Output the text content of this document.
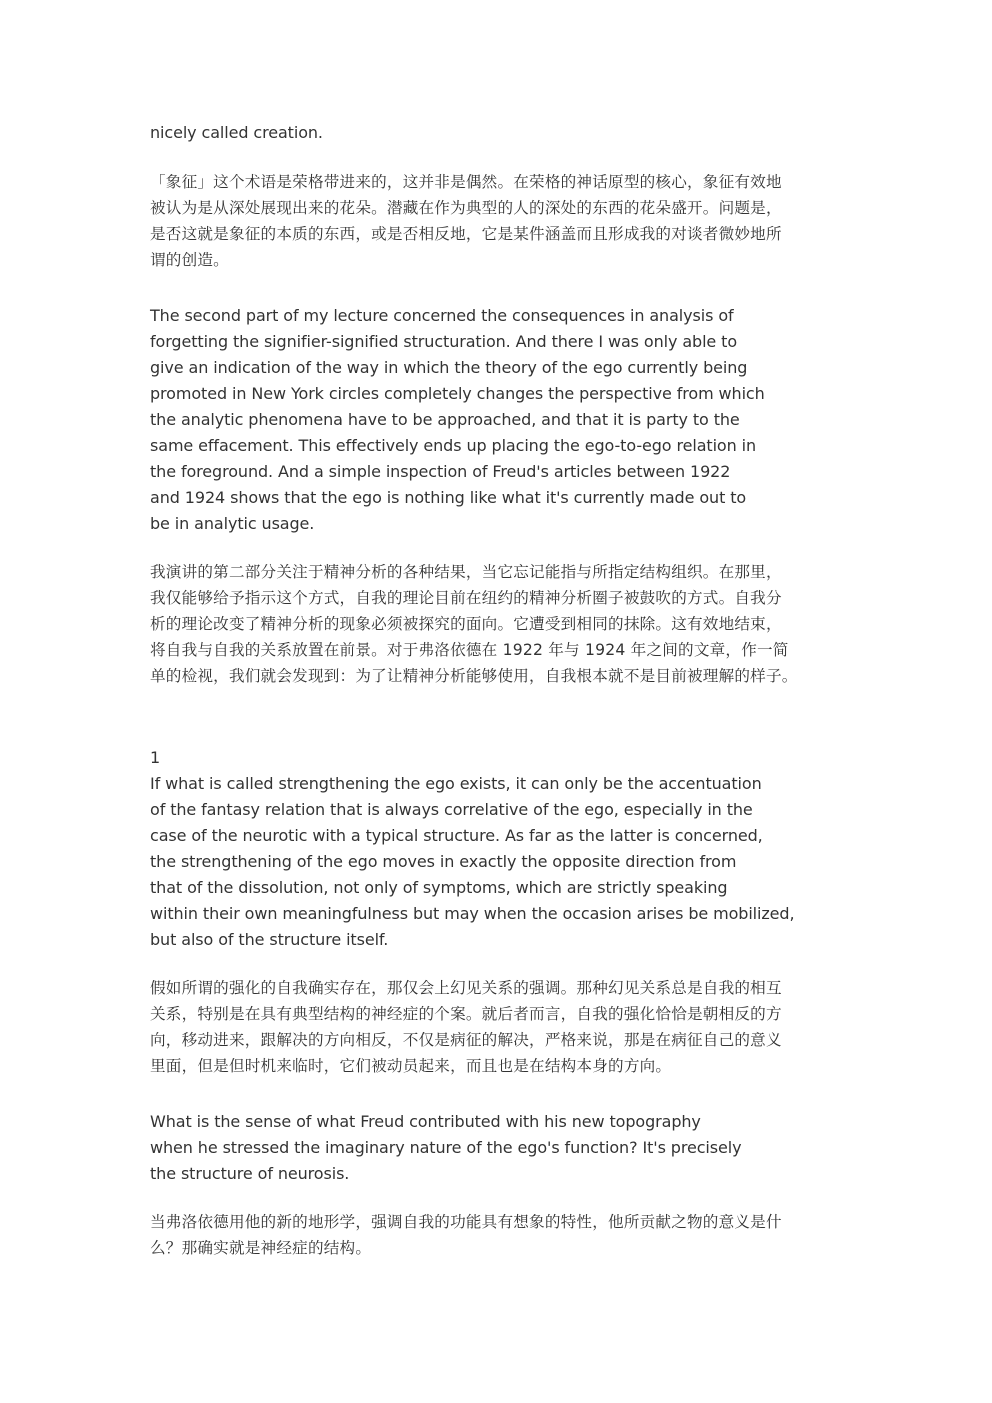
nicely called creation.

「象征」这个术语是荣格带进来的，这并非是偶然。在荣格的神话原型的核心，象征有效地
被认为是从深处展现出来的花朵。潜藏在作为典型的人的深处的东西的花朵盛开。问题是，
是否这就是象征的本质的东西，或是否相反地，它是某件涵盖而且形成我的对谈者微妙地所
谓的创造。

The second part of my lecture concerned the consequences in analysis of
forgetting the signifier-signified structuration. And there I was only able to
give an indication of the way in which the theory of the ego currently being
promoted in New York circles completely changes the perspective from which
the analytic phenomena have to be approached, and that it is party to the
same effacement. This effectively ends up placing the ego-to-ego relation in
the foreground. And a simple inspection of Freud's articles between 1922
and 1924 shows that the ego is nothing like what it's currently made out to
be in analytic usage.

我演讲的第二部分关注于精神分析的各种结果，当它忘记能指与所指定结构组织。在那里，
我仅能够给予指示这个方式，自我的理论目前在纽约的精神分析圈子被鼓吹的方式。自我分
析的理论改变了精神分析的现象必须被探究的面向。它遭受到相同的抹除。这有效地结束，
将自我与自我的关系放置在前景。对于弗洛依德在 1922 年与 1924 年之间的文章，作一简
单的检视，我们就会发现到：为了让精神分析能够使用，自我根本就不是目前被理解的样子。

1

If what is called strengthening the ego exists, it can only be the accentuation
of the fantasy relation that is always correlative of the ego, especially in the
case of the neurotic with a typical structure. As far as the latter is concerned,
the strengthening of the ego moves in exactly the opposite direction from
that of the dissolution, not only of symptoms, which are strictly speaking
within their own meaningfulness but may when the occasion arises be mobilized,
but also of the structure itself.

假如所谓的强化的自我确实存在，那仅会上幻见关系的强调。那种幻见关系总是自我的相互
关系，特别是在具有典型结构的神经症的个案。就后者而言，自我的强化恰恰是朝相反的方
向，移动进来，跟解决的方向相反，不仅是病征的解决，严格来说，那是在病征自己的意义
里面，但是但时机来临时，它们被动员起来，而且也是在结构本身的方向。

What is the sense of what Freud contributed with his new topography
when he stressed the imaginary nature of the ego's function? It's precisely
the structure of neurosis.

当弗洛依德用他的新的地形学，强调自我的功能具有想象的特性，他所贡献之物的意义是什
么？那确实就是神经症的结构。
